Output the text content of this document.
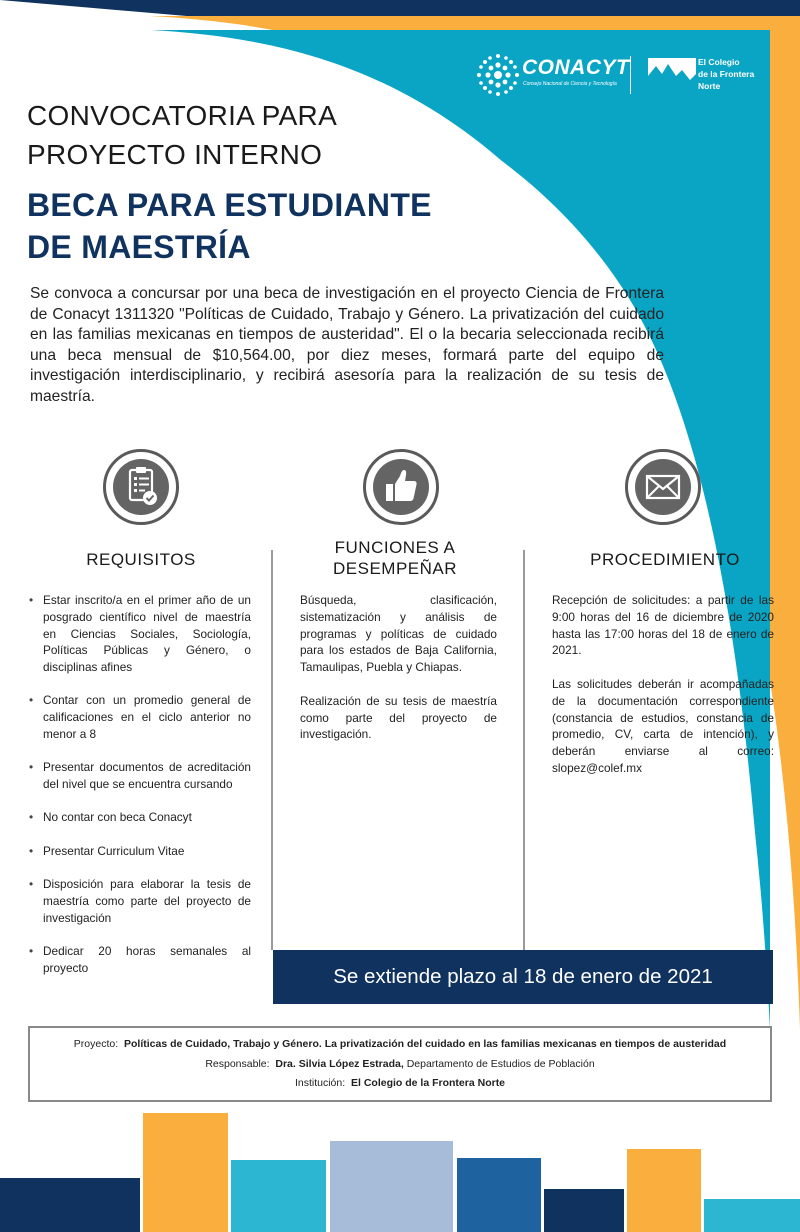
CONACYT
Consejo Nacional de Ciencia y Tecnología
El Colegio
de la Frontera
Norte
CONVOCATORIA PARA
PROYECTO INTERNO
BECA PARA ESTUDIANTE
DE MAESTRÍA
Se convoca a concursar por una beca de investigación en el proyecto Ciencia de Frontera de Conacyt 1311320 "Políticas de Cuidado, Trabajo y Género. La privatización del cuidado en las familias mexicanas en tiempos de austeridad". El o la becaria seleccionada recibirá una beca mensual de $10,564.00, por diez meses, formará parte del equipo de investigación interdisciplinario, y recibirá asesoría para la realización de su tesis de maestría.
REQUISITOS
FUNCIONES A
DESEMPEÑAR	PROCEDIMIENTO
• Estar inscrito/a en el primer año de un posgrado científico nivel de maestría en Ciencias Sociales, Sociología, Políticas Públicas y Género, o disciplinas afines
• Contar con un promedio general de calificaciones en el ciclo anterior no menor a 8
• Presentar documentos de acreditación del nivel que se encuentra cursando
• No contar con beca Conacyt
• Presentar Curriculum Vitae
• Disposición para elaborar la tesis de maestría como parte del proyecto de investigación
• Dedicar 20 horas semanales al proyecto

Búsqueda, clasificación, sistematización y análisis de programas y políticas de cuidado para los estados de Baja California, Tamaulipas, Puebla y Chiapas.

Realización de su tesis de maestría como parte del proyecto de investigación.

Recepción de solicitudes: a partir de las 9:00 horas del 16 de diciembre de 2020 hasta las 17:00 horas del 18 de enero de 2021.

Las solicitudes deberán ir acompañadas de la documentación correspondiente (constancia de estudios, constancia de promedio, CV, carta de intención), y deberán enviarse al correo: slopez@colef.mx

Se extiende plazo al 18 de enero de 2021
Proyecto: Políticas de Cuidado, Trabajo y Género. La privatización del cuidado en las familias mexicanas en tiempos de austeridad
Responsable: Dra. Silvia López Estrada, Departamento de Estudios de Población
Institución: El Colegio de la Frontera Norte
